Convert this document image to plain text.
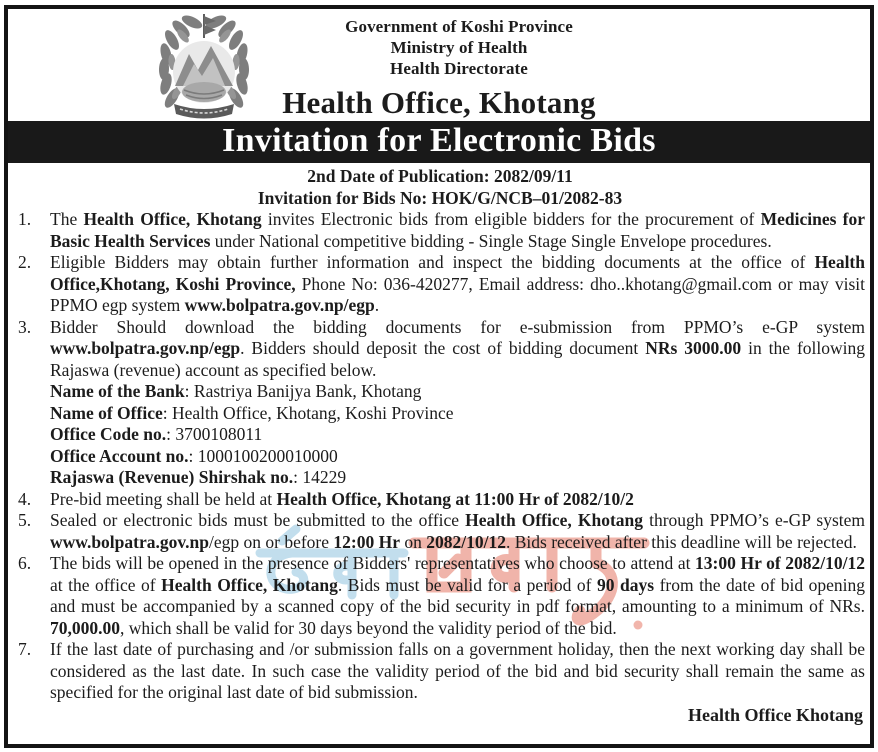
Government of Koshi Province
Ministry of Health
Health Directorate
Health Office, Khotang
Invitation for Electronic Bids

2nd Date of Publication: 2082/09/11

Invitation for Bids No: HOK/G/NCB–01/2082-83

1. The Health Office, Khotang invites Electronic bids from eligible bidders for the procurement of Medicines for Basic Health Services under National competitive bidding - Single Stage Single Envelope procedures.
2. Eligible Bidders may obtain further information and inspect the bidding documents at the office of Health Office,Khotang, Koshi Province, Phone No: 036-420277, Email address: dho..khotang@gmail.com or may visit PPMO egp system www.bolpatra.gov.np/egp.
3. Bidder Should download the bidding documents for e-submission from PPMO’s e-GP system www.bolpatra.gov.np/egp. Bidders should deposit the cost of bidding document NRs 3000.00 in the following Rajaswa (revenue) account as specified below.
Name of the Bank: Rastriya Banijya Bank, Khotang
Name of Office: Health Office, Khotang, Koshi Province
Office Code no.: 3700108011
Office Account no.: 1000100200010000
Rajaswa (Revenue) Shirshak no.: 14229
4. Pre-bid meeting shall be held at Health Office, Khotang at 11:00 Hr of 2082/10/2
5. Sealed or electronic bids must be submitted to the office Health Office, Khotang through PPMO’s e-GP system www.bolpatra.gov.np/egp on or before 12:00 Hr on 2082/10/12. Bids received after this deadline will be rejected.
6. The bids will be opened in the presence of Bidders' representatives who choose to attend at 13:00 Hr of 2082/10/12 at the office of Health Office, Khotang. Bids must be valid for a period of 90 days from the date of bid opening and must be accompanied by a scanned copy of the bid security in pdf format, amounting to a minimum of NRs. 70,000.00, which shall be valid for 30 days beyond the validity period of the bid.
7. If the last date of purchasing and /or submission falls on a government holiday, then the next working day shall be considered as the last date. In such case the validity period of the bid and bid security shall remain the same as specified for the original last date of bid submission.
Health Office Khotang
